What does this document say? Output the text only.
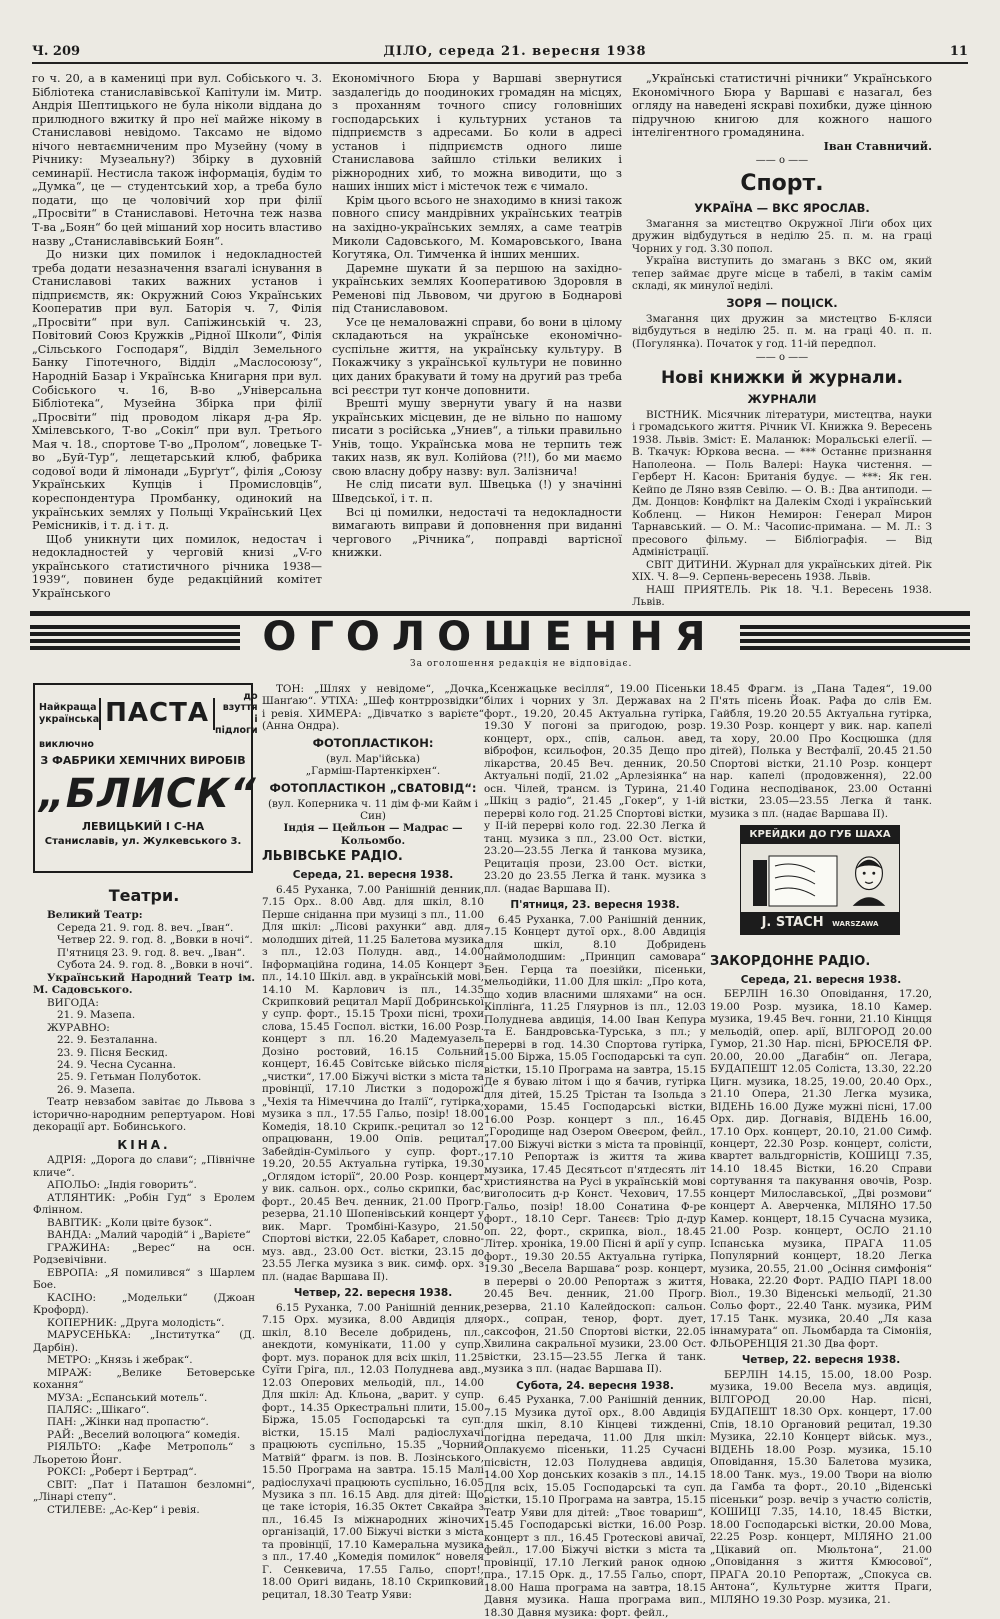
Ч. 209	ДІЛО, середа 21. вересня 1938	11

го ч. 20, а в камениці при вул. Собіського ч. 3. Бібліотека станиславівської Капітули ім. Митр. Андрія Шептицького не була ніколи віддана до прилюдного вжитку й про неї майже нікому в Станиславові невідомо. Таксамо не відомо нічого невтаємниченим про Музейну (чому в Річнику: Музеальну?) Збірку в духовній семинарії. Нестисла також інформація, будім то „Думка“, це — студентський хор, а треба було подати, що це чоловічий хор при філії „Просвіти“ в Станиславові. Неточна теж назва Т-ва „Боян“ бо цей мішаний хор носить властиво назву „Станиславівський Боян“.

До низки цих помилок і недокладностей треба додати незазначення взагалі існування в Станиславові таких важних установ і підприємств, як: Окружний Союз Українських Кооператив при вул. Баторія ч. 7, Філія „Просвіти“ при вул. Сапіжинській ч. 23, Повітовий Союз Кружків „Рідної Школи“, Філія „Сільського Господаря“, Відділ Земельного Банку Гіпотечного, Відділ „Маслосоюзу“, Народній Базар і Українська Книгарня при вул. Собіського ч. 16, В-во „Універсальна Бібліотека“, Музейна Збірка при філії „Просвіти“ під проводом лікаря д-ра Яр. Хмілевського, Т-во „Сокіл“ при вул. Третього Мая ч. 18., спортове Т-во „Пролом“, ловецьке Т-во „Буй-Тур“, лещетарський клюб, фабрика содової води й лімонади „Бурґут“, філія „Союзу Українських Купців і Промисловців“, кореспондентура Промбанку, одинокий на українських землях у Польщі Український Цех Ремісників, і т. д. і т. д.

Щоб уникнути цих помилок, недостач і недокладностей у черговій книзі „V-го українського статистичного річника 1938—1939“, повинен буде редакційний комітет Українського

Економічного Бюра у Варшаві звернутися заздалегідь до поодиноких громадян на місцях, з проханням точного спису головніших господарських і культурних установ та підприємств з адресами. Бо коли в адресі установ і підприємств одного лише Станиславова зайшло стільки великих і ріжнородних хиб, то можна виводити, що з наших інших міст і містечок теж є чимало.

Крім цього всього не знаходимо в книзі також повного спису мандрівних українських театрів на західно-українських землях, а саме театрів Миколи Садовського, М. Комаровського, Івана Когутяка, Ол. Тимченка й інших менших.

Даремне шукати й за першою на західно-українських землях Кооперативою Здоровля в Ременові під Львовом, чи другою в Боднарові під Станиславовом.

Усе це немаловажні справи, бо вони в цілому складаються на українське економічно-суспільне життя, на українську культуру. В Покажчику з української культури не повинно цих даних бракувати й тому на другий раз треба всі реєстри тут конче доповнити.

Врешті мушу звернути увагу й на назви українських місцевин, де не вільно по нашому писати з російська „Униев“, а тільки правильно Унів, тощо. Українська мова не терпить теж таких назв, як вул. Колійова (?!!), бо ми маємо свою власну добру назву: вул. Залізнича!

Не слід писати вул. Швецька (!) у значінні Шведської, і т. п.

Всі ці помилки, недостачі та недокладности вимагають виправи й доповнення при виданні чергового „Річника“, поправді вартісної книжки.

„Українські статистичні річники“ Українського Економічного Бюра у Варшаві є назагал, без огляду на наведені яскраві похибки, дуже цінною підручною книгою для кожного нашого інтелігентного громадянина.

Іван Ставничий.

—— о ——
Спорт.
УКРАЇНА — ВКС ЯРОСЛАВ.

Змагання за мистецтво Окружної Ліґи обох цих дружин відбудуться в неділю 25. п. м. на граці Чорних у год. 3.30 попол.

Україна виступить до змагань з ВКС ом, який тепер займає друге місце в табелі, в такім самім складі, як минулої неділі.

ЗОРЯ — ПОЦІСК.

Змагання цих дружин за мистецтво Б-кляси відбудуться в неділю 25. п. м. на граці 40. п. п. (Погулянка). Початок у год. 11-ій передпол.

—— о ——
Нові книжки й журнали.
ЖУРНАЛИ

ВІСТНИК. Місячник літератури, мистецтва, науки і громадського життя. Річник VI. Книжка 9. Вересень 1938. Львів. Зміст: Е. Маланюк: Моральські елегії. — В. Ткачук: Юркова весна. — *** Останнє признання Наполеона. — Поль Валері: Наука чистення. — Герберт Н. Касон: Британія будує. — ***: Як ген. Кейпо де Ляно взяв Севілю. — О. В.: Два антиподи. — Дм. Донцов: Конфлікт на Далекім Сході і український Кобленц. — Никон Немирон: Генерал Мирон Тарнавський. — О. М.: Часопис-примана. — М. Л.: З пресового фільму. — Бібліографія. — Від Адміністрації.

СВІТ ДИТИНИ. Журнал для українських дітей. Рік XIX. Ч. 8—9. Серпень-вересень 1938. Львів.

НАШ ПРИЯТЕЛЬ. Рік 18. Ч.1. Вересень 1938. Львів.

ОГОЛОШЕННЯ
За оголошення редакція не відповідає.
Найкраща
українська ПАСТА
до взуття
і підлоги
виключно
З ФАБРИКИ ХЕМІЧНИХ ВИРОБІВ
„БЛИСК“
ЛЕВИЦЬКИЙ І С-НА
Станиславів, ул. Жулкевського 3.
Театри.

Великий Театр:

Середа 21. 9. год. 8. веч. „Іван“.

Четвер 22. 9. год. 8. „Вовки в ночі“.

П'ятниця 23. 9. год. 8. веч. „Іван“.

Субота 24. 9. год. 8. „Вовки в ночі“.

Український Народний Театр ім. М. Садовського.

ВИГОДА:

21. 9. Мазепа.

ЖУРАВНО:

22. 9. Безталанна.

23. 9. Пісня Бескид.

24. 9. Чесна Сусанна.

25. 9. Гетьман Полуботок.

26. 9. Мазепа.

Театр невзабом завітає до Львова з історично-народним репертуаром. Нові декорації арт. Бобинського.

КІНА.

АДРІЯ: „Дорога до слави“; „Північне кличе“.

АПОЛЬО: „Індія говорить“.

АТЛЯНТИК: „Робін Гуд“ з Еролем Флінном.

ВАВІТИК: „Коли цвіте бузок“.

ВАНДА: „Малий чародій“ і „Варієте“

ГРАЖИНА: „Верес“ на осн. Родзевічівни.

ЕВРОПА: „Я помилився“ з Шарлем Бое.

КАСІНО: „Модельки“ (Джоан Крофорд).

КОПЕРНИК: „Друга молодість“.

МАРУСЕНЬКА: „Інститутка“ (Д. Дарбін).

МЕТРО: „Князь і жебрак“.

МІРАЖ: „Велике Бетоверське кохання“

МУЗА: „Еспанський мотель“.

ПАЛЯС: „Шікаго“.

ПАН: „Жінки над пропастю“.

РАЙ: „Веселий волоцюга“ комедія.

РІЯЛЬТО: „Кафе Метрополь“ з Льоретою Йонг.

РОКСІ: „Роберт і Бертрад“.

СВІТ: „Пат і Паташон безломні“, „Лінарі степу“.

СТИЛЕВЕ: „Ас-Кер“ і ревія.

ТОН: „Шлях у невідоме“, „Дочка Шанґаю“. УТІХА: „Шеф контррозвідки“ і ревія. ХИМЕРА: „Дівчатко з варієте“ (Анна Ондра).

ФОТОПЛАСТІКОН:

(вул. Мар'ійська)

„Гарміш-Партенкірхен“.

ФОТОПЛАСТІКОН „СВАТОВІД“:

(вул. Коперника ч. 11 дім ф-ми Кайм і Син)

Індія — Цейльон — Мадрас — Кольомбо.

ЛЬВІВСЬКЕ РАДІО.
Середа, 21. вересня 1938.

6.45 Руханка, 7.00 Ранішній денник, 7.15 Орх.. 8.00 Авд. для шкіл, 8.10 Перше сніданна при музиці з пл., 11.00 Для шкіл: „Лісові рахунки“ авд. для молодших дітей, 11.25 Балетова музика з пл., 12.03 Полудн. авд., 14.00 Інформаційна година, 14.05 Концерт з пл., 14.10 Шкіл. авд. в українській мові, 14.10 М. Карлович із пл., 14.35 Скрипковий рецитал Марії Добринської у супр. форт., 15.15 Трохи пісні, трохи слова, 15.45 Госпол. вістки, 16.00 Розр. концерт з пл. 16.20 Мадемуазель Дозіно ростовий, 16.15 Сольний концерт, 16.45 Совітське військо після „чистки“, 17.00 Біжучі вістки з міста та провінції, 17.10 Листки з подорожі „Чехія та Німеччина до Італії“, гутірка, музика з пл., 17.55 Гальо, позір! 18.00 Комедія, 18.10 Скрипк.-рецитал зо 12 опрацюванн, 19.00 Опів. рецитал Забейдін-Сумілього у супр. форт., 19.20, 20.55 Актуальна гутірка, 19.30 „Оглядом історії“, 20.00 Розр. концерт у вик. сальон. орх., сольо скрипки, бас, форт., 20.45 Веч. денник, 21.00 Прогр. резерва, 21.10 Шопенівський концерт у вик. Марг. Тромбіні-Казуро, 21.50 Спортові вістки, 22.05 Кабарет, словно-муз. авд., 23.00 Ост. вістки, 23.15 до 23.55 Легка музика з вик. симф. орх. з пл. (надає Варшава II).

Четвер, 22. вересня 1938.

6.15 Руханка, 7.00 Ранішній денник, 7.15 Орх. музика, 8.00 Авдиція для шкіл, 8.10 Веселе добридень, пл., анекдоти, комунікати, 11.00 у супр. форт. муз. поранок для всіх шкіл, 11.25 Суїти Гріга, пл., 12.03 Полуднева авд., 12.03 Оперових мельодій, пл., 14.00 Для шкіл: Ад. Кльона, „варит. у супр. форт., 14.35 Оркестральні плити, 15.00 Біржа, 15.05 Господарські та суп. вістки, 15.15 Малі радіослухачі працюють суспільно, 15.35 „Чорний Матвій“ фрагм. із пов. В. Лозінського, 15.50 Програма на завтра. 15.15 Малі радіослухачі працюють суспільно, 16.05 Музика з пл. 16.15 Авд. для дітей: Що це таке історія, 16.35 Октет Свкайра з пл., 16.45 Із міжнародних жіночих організацій, 17.00 Біжучі вістки з міста та провінції, 17.10 Камеральна музика з пл., 17.40 „Комедія помилок“ новеля Г. Сенкевича, 17.55 Гальо, спорт!, 18.00 Оригі видань, 18.10 Скрипковий рецитал, 18.30 Театр Уяви:

„Ксенжацьке весілля“, 19.00 Пісеньки білих і чорних у Зл. Державах на 2 форт., 19.20, 20.45 Актуальна гутірка, 19.30 У погоні за пригодою, розр. концерт, орх., спів, сальон. авед, віброфон, ксильофон, 20.35 Дещо про лікарства, 20.45 Веч. денник, 20.50 Актуальні події, 21.02 „Арлезіянка“ на осн. Чілей, трансм. із Турина, 21.40 „Шкіц з радіо“, 21.45 „Гокер“, у 1-ій перерві коло год. 21.25 Спортові вістки, у II-ій перерві коло год. 22.30 Легка й танц. музика з пл., 23.00 Ост. вістки, 23.20—23.55 Легка й танкова музика, Рецитація прози, 23.00 Ост. вістки, 23.20 до 23.55 Легка й танк. музика з пл. (надає Варшава II).

П'ятниця, 23. вересня 1938.

6.45 Руханка, 7.00 Ранішній денник, 7.15 Концерт дутої орх., 8.00 Авдиція для шкіл, 8.10 Добридень наймолодшим: „Принцип самовара“ Бен. Герца та поезійки, пісеньки, мельодійки, 11.00 Для шкіл: „Про кота, що ходив власними шляхами“ на осн. Кіплінґа, 11.25 Гляурнов із пл., 12.03 Полуднева авдиція, 14.00 Іван Кепура та Е. Бандровська-Турська, з пл.; у перерві в год. 14.30 Спортова гутірка, 15.00 Біржа, 15.05 Господарські та суп. вістки, 15.10 Програма на завтра, 15.15 Де я буваю літом і що я бачив, гутірка для дітей, 15.25 Трістан та Ізольда з хорами, 15.45 Господарські вістки, 16.00 Розр. концерт з пл., 16.45 „Городище над Озером Овеєром, фейл., 17.00 Біжучі вістки з міста та провінції, 17.10 Репортаж із життя та жива музика, 17.45 Десятьсот п'ятдесять літ християнства на Русі в українській мові виголосить д-р Конст. Чехович, 17.55 Гальо, позір! 18.00 Сонатина Ф-ре форт., 18.10 Серг. Танєєв: Тріо д-дур оп. 22, форт., скрипка, віол., 18.45 Літер. хроніка, 19.00 Пісні й арії у супр. форт., 19.30 20.55 Актуальна гутірка, 19.30 „Весела Варшава“ розр. концерт, в перерві о 20.00 Репортаж з життя, 20.45 Веч. денник, 21.00 Прогр. резерва, 21.10 Калейдоскоп: сальон. орх., сопран, тенор, форт. дует, саксофон, 21.50 Спортові вістки, 22.05 Хвилина сакральної музики, 23.00 Ост. вістки, 23.15—23.55 Легка й танк. музика з пл. (надає Варшава II).

Субота, 24. вересня 1938.

6.45 Руханка, 7.00 Ранішній денник, 7.15 Музика дутої орх., 8.00 Авдиція для шкіл, 8.10 Кінцеві тижденні, погідна передача, 11.00 Для шкіл: Оплакуємо пісеньки, 11.25 Сучасні пісвістн, 12.03 Полуднева авдиція, 14.00 Хор донських козаків з пл., 14.15 Для всіх, 15.05 Господарські та суп. вістки, 15.10 Програма на завтра, 15.15 Театр Уяви для дітей: „Твоє товариш“, 15.45 Господарські вістки, 16.00 Розр. концерт з пл., 16.45 Гротескові авичаї, фейл., 17.00 Біжучі вістки з міста та провінції, 17.10 Легкий ранок одною пра., 17.15 Орк. д., 17.55 Гальо, спорт, 18.00 Наша програма на завтра, 18.15 Давня музика. Наша програма вип., 18.30 Давня музика: форт. фейл.,

18.45 Фрагм. із „Пана Тадея“, 19.00 П'ять пісень Йоак. Рафа до слів Ем. Гайбля, 19.20 20.55 Актуальна гутірка, 19.30 Розр. концерт у вик. нар. капелі та хору, 20.00 Про Косцюшка (для дітей), Полька у Вестфалії, 20.45 21.50 Спортові вістки, 21.10 Розр. концерт нар. капелі (продовження), 22.00 Година несподіванок, 23.00 Останні вістки, 23.05—23.55 Легка й танк. музика з пл. (надає Варшава II).

КРЕЙДКИ ДО ГУБ ШАХА
J. STACH WARSZAWA
ЗАКОРДОННЕ РАДІО.
Середа, 21. вересня 1938.

БЕРЛІН 16.30 Оповідання, 17.20, 19.00 Розр. музика, 18.10 Камер. музика, 19.45 Веч. гонни, 21.10 Кінцця мельодій, опер. арії, ВІЛГОРОД 20.00 Гумор, 21.30 Нар. пісні, БРЮСЕЛЯ ФР. 20.00, 20.00 „Дагабін“ оп. Легара, БУДАПЕШТ 12.05 Соліста, 13.30, 22.20 Цигн. музика, 18.25, 19.00, 20.40 Орх., 21.10 Опера, 21.30 Легка музика, ВІДЕНЬ 16.00 Дуже мужні пісні, 17.00 Орх. дир. Догнавія, ВІДЕНЬ 16.00, 17.10 Орх. концерт, 20.10, 21.00 Симф. концерт, 22.30 Розр. концерт, солісти, квартет вальдгорністів, КОШИЦІ 7.35, 14.10 18.45 Вістки, 16.20 Справи сортування та пакування овочів, Розр. концерт Милославської, „Дві розмови“ концерт А. Аверченка, МІЛЯНО 17.50 Камер. концерт, 18.15 Сучасна музика, 21.00 Розр. концерт, ОСЛО 21.10 Іспанська музика, ПРАГА 11.05 Популярний концерт, 18.20 Легка музика, 20.55, 21.00 „Осіння симфонія“ Новака, 22.20 Форт. РАДІО ПАРІ 18.00 Віол., 19.30 Віденські мельодії, 21.30 Сольо форт., 22.40 Танк. музика, РИМ 17.15 Танк. музика, 20.40 „Ля каза іннамурата“ оп. Льомбарда та Сімоніія, ФЛЬОРЕНЦІЯ 21.30 Два форт.

Четвер, 22. вересня 1938.

БЕРЛІН 14.15, 15.00, 18.00 Розр. музика, 19.00 Весела муз. авдиція, ВІЛГОРОД 20.00 Нар. пісні, БУДАПЕШТ 18.30 Орх. концерт, 17.00 Спів, 18.10 Органовий рецитал, 19.30 Музика, 22.10 Концерт військ. муз., ВІДЕНЬ 18.00 Розр. музика, 15.10 Оповідання, 15.30 Балетова музика, 18.00 Танк. муз., 19.00 Твори на віолю да Гамба та форт., 20.10 „Віденські пісеньки“ розр. вечір з участю солістів, КОШИЦІ 7.35, 14.10, 18.45 Вістки, 18.00 Господарські вістки, 20.00 Мова, 22.25 Розр. концерт, МІЛЯНО 21.00 „Цікавий оп. Мюльтона“, 21.00 „Оповідання з життя Кмюсової“, ПРАГА 20.10 Репортаж, „Спокуса св. Антона“, Культурне життя Праги, МІЛЯНО 19.30 Розр. музика, 21.
